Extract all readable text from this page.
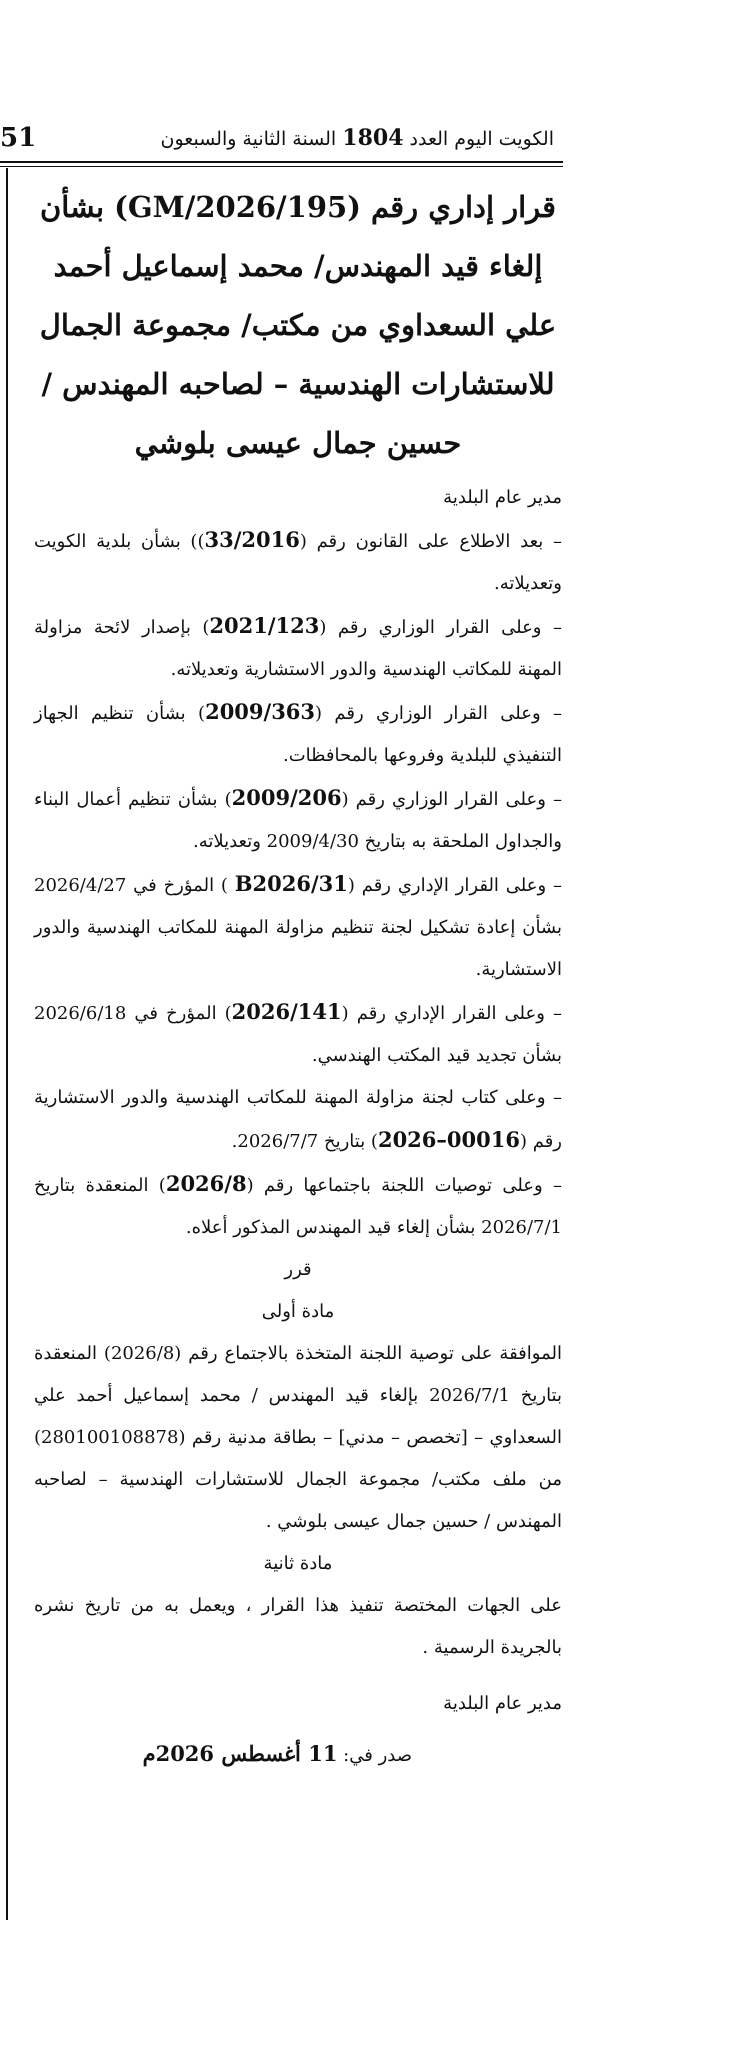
51	الكويت اليوم العدد 1804 السنة الثانية والسبعون
قرار إداري رقم (GM/2026/195) بشأن إلغاء قيد المهندس/ محمد إسماعيل أحمد علي السعداوي من مكتب/ مجموعة الجمال للاستشارات الهندسية – لصاحبه المهندس / حسين جمال عيسى بلوشي

مدير عام البلدية

– بعد الاطلاع على القانون رقم (33/2016)) بشأن بلدية الكويت وتعديلاته.

– وعلى القرار الوزاري رقم (2021/123) بإصدار لائحة مزاولة المهنة للمكاتب الهندسية والدور الاستشارية وتعديلاته.

– وعلى القرار الوزاري رقم (2009/363) بشأن تنظيم الجهاز التنفيذي للبلدية وفروعها بالمحافظات.

– وعلى القرار الوزاري رقم (2009/206) بشأن تنظيم أعمال البناء والجداول الملحقة به بتاريخ 2009/4/30 وتعديلاته.

– وعلى القرار الإداري رقم (B2026/31 ) المؤرخ في 2026/4/27 بشأن إعادة تشكيل لجنة تنظيم مزاولة المهنة للمكاتب الهندسية والدور الاستشارية.

– وعلى القرار الإداري رقم (2026/141) المؤرخ في 2026/6/18 بشأن تجديد قيد المكتب الهندسي.

– وعلى كتاب لجنة مزاولة المهنة للمكاتب الهندسية والدور الاستشارية رقم (00016–2026) بتاريخ 2026/7/7.

– وعلى توصيات اللجنة باجتماعها رقم (2026/8) المنعقدة بتاريخ 2026/7/1 بشأن إلغاء قيد المهندس المذكور أعلاه.

قرر

مادة أولى

الموافقة على توصية اللجنة المتخذة بالاجتماع رقم (2026/8) المنعقدة بتاريخ 2026/7/1 بإلغاء قيد المهندس / محمد إسماعيل أحمد علي السعداوي – [تخصص – مدني] – بطاقة مدنية رقم (280100108878) من ملف مكتب/ مجموعة الجمال للاستشارات الهندسية – لصاحبه المهندس / حسين جمال عيسى بلوشي .

مادة ثانية

على الجهات المختصة تنفيذ هذا القرار ، ويعمل به من تاريخ نشره بالجريدة الرسمية .

مدير عام البلدية

صدر في: 11 أغسطس 2026م
